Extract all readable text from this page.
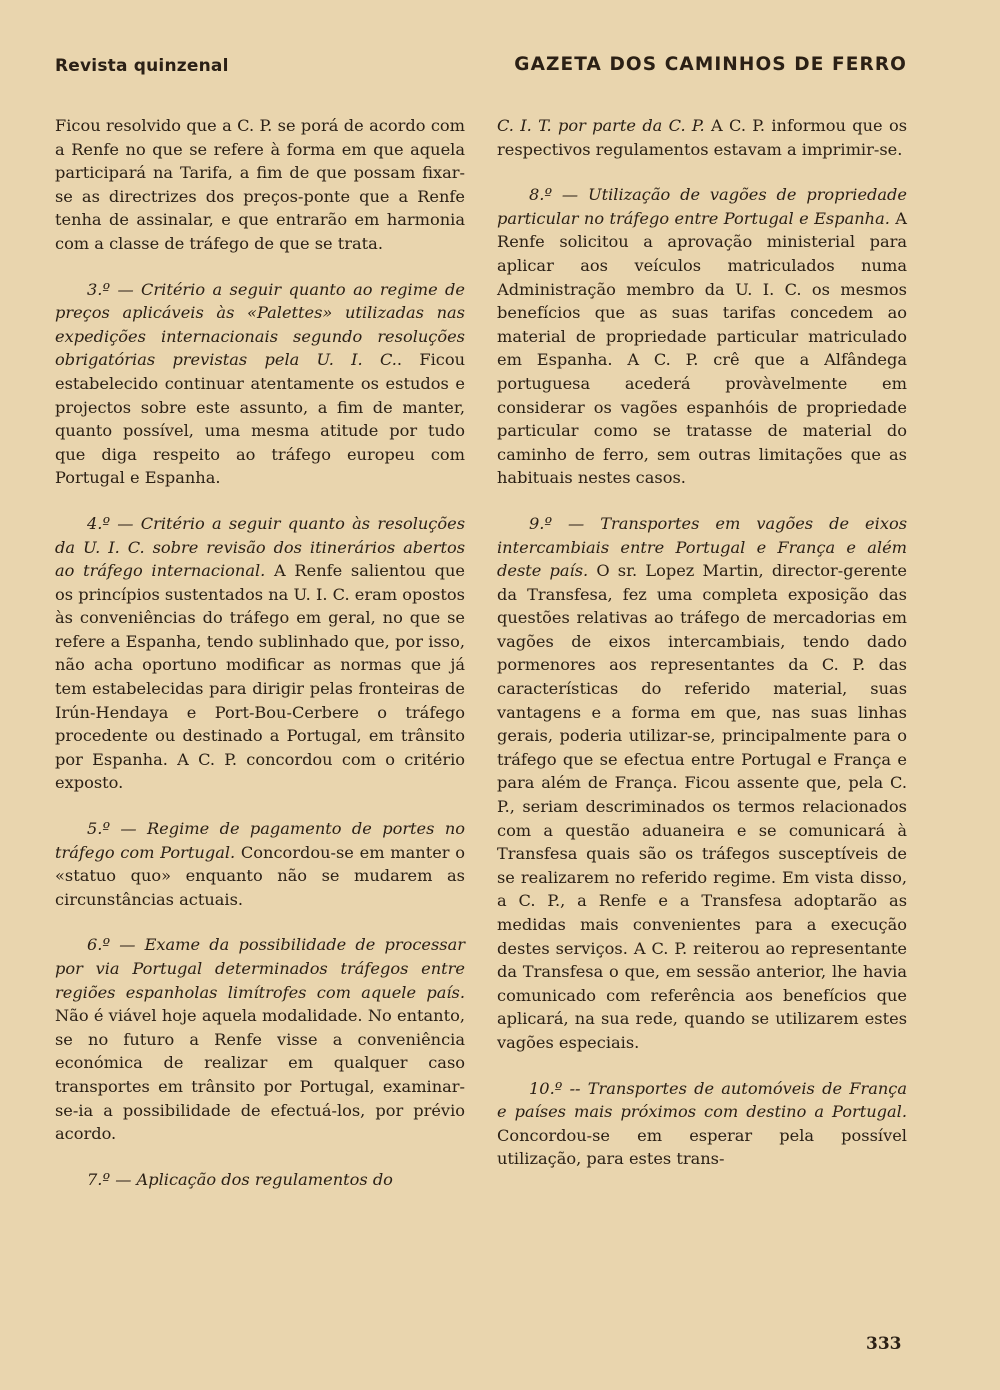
Revista quinzenal	GAZETA DOS CAMINHOS DE FERRO

Ficou resolvido que a C. P. se porá de acordo com a Renfe no que se refere à forma em que aquela participará na Tarifa, a fim de que possam fixar-se as directrizes dos preços-ponte que a Renfe tenha de assinalar, e que entrarão em harmonia com a classe de tráfego de que se trata.

3.º — Critério a seguir quanto ao regime de preços aplicáveis às «Palettes» utilizadas nas expedições internacionais segundo resoluções obrigatórias previstas pela U. I. C.. Ficou estabelecido continuar atentamente os estudos e projectos sobre este assunto, a fim de manter, quanto possível, uma mesma atitude por tudo que diga respeito ao tráfego europeu com Portugal e Espanha.

4.º — Critério a seguir quanto às resoluções da U. I. C. sobre revisão dos itinerários abertos ao tráfego internacional. A Renfe salientou que os princípios sustentados na U. I. C. eram opostos às conveniências do tráfego em geral, no que se refere a Espanha, tendo sublinhado que, por isso, não acha oportuno modificar as normas que já tem estabelecidas para dirigir pelas fronteiras de Irún-Hendaya e Port-Bou-Cerbere o tráfego procedente ou destinado a Portugal, em trânsito por Espanha. A C. P. concordou com o critério exposto.

5.º — Regime de pagamento de portes no tráfego com Portugal. Concordou-se em manter o «statuo quo» enquanto não se mudarem as circunstâncias actuais.

6.º — Exame da possibilidade de processar por via Portugal determinados tráfegos entre regiões espanholas limítrofes com aquele país. Não é viável hoje aquela modalidade. No entanto, se no futuro a Renfe visse a conveniência económica de realizar em qualquer caso transportes em trânsito por Portugal, examinar-se-ia a possibilidade de efectuá-los, por prévio acordo.

7.º — Aplicação dos regulamentos do

C. I. T. por parte da C. P. A C. P. informou que os respectivos regulamentos estavam a imprimir-se.

8.º — Utilização de vagões de propriedade particular no tráfego entre Portugal e Espanha. A Renfe solicitou a aprovação ministerial para aplicar aos veículos matriculados numa Administração membro da U. I. C. os mesmos benefícios que as suas tarifas concedem ao material de propriedade particular matriculado em Espanha. A C. P. crê que a Alfândega portuguesa acederá provàvelmente em considerar os vagões espanhóis de propriedade particular como se tratasse de material do caminho de ferro, sem outras limitações que as habituais nestes casos.

9.º — Transportes em vagões de eixos intercambiais entre Portugal e França e além deste país. O sr. Lopez Martin, director-gerente da Transfesa, fez uma completa exposição das questões relativas ao tráfego de mercadorias em vagões de eixos intercambiais, tendo dado pormenores aos representantes da C. P. das características do referido material, suas vantagens e a forma em que, nas suas linhas gerais, poderia utilizar-se, principalmente para o tráfego que se efectua entre Portugal e França e para além de França. Ficou assente que, pela C. P., seriam descriminados os termos relacionados com a questão aduaneira e se comunicará à Transfesa quais são os tráfegos susceptíveis de se realizarem no referido regime. Em vista disso, a C. P., a Renfe e a Transfesa adoptarão as medidas mais convenientes para a execução destes serviços. A C. P. reiterou ao representante da Transfesa o que, em sessão anterior, lhe havia comunicado com referência aos benefícios que aplicará, na sua rede, quando se utilizarem estes vagões especiais.

10.º -- Transportes de automóveis de França e países mais próximos com destino a Portugal. Concordou-se em esperar pela possível utilização, para estes trans-

333
